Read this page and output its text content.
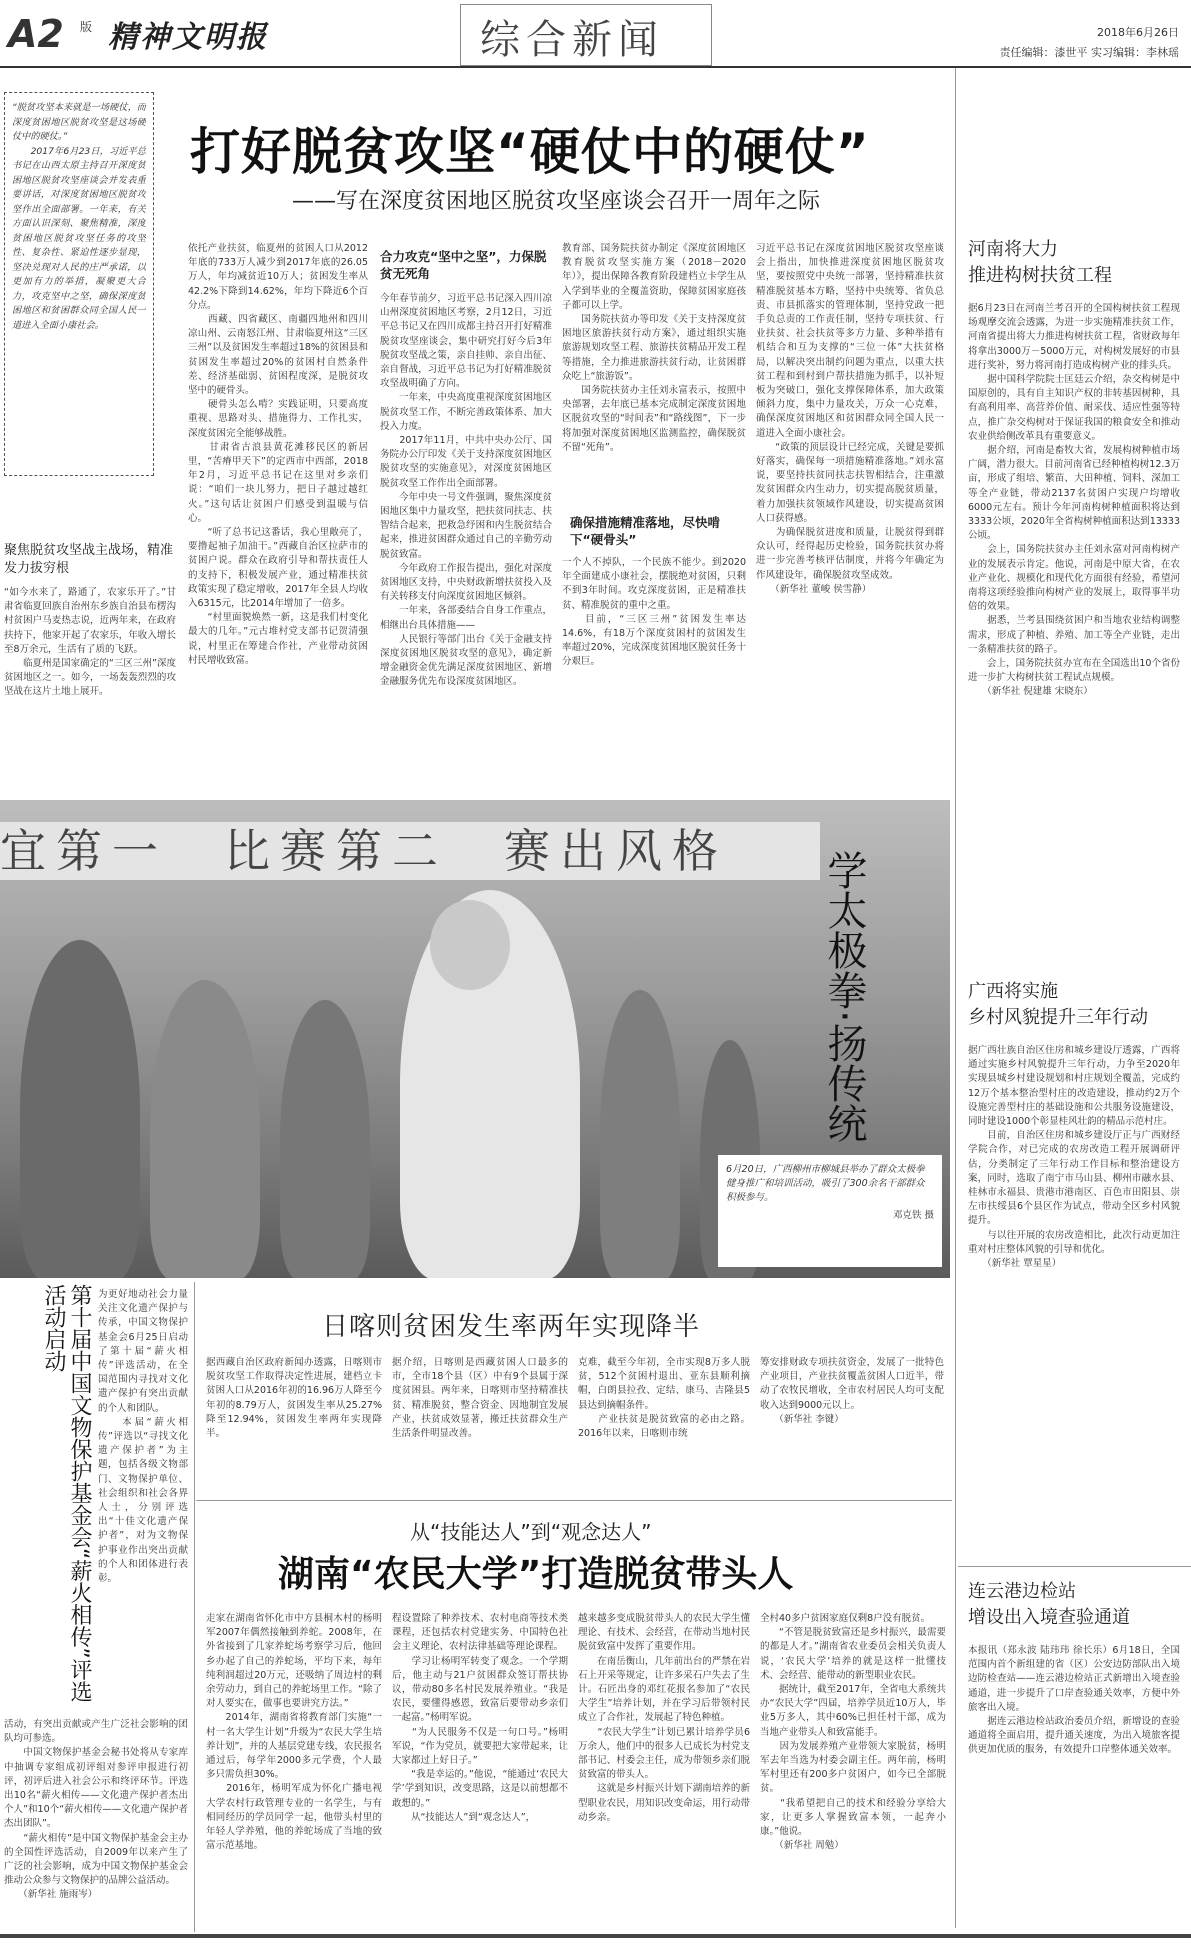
A2 版 精神文明报	综合新闻	2018年6月26日
责任编辑：漆世平 实习编辑：李林瑶
“脱贫攻坚本来就是一场硬仗，而深度贫困地区脱贫攻坚是这场硬仗中的硬仗。”
　　2017年6月23日，习近平总书记在山西太原主持召开深度贫困地区脱贫攻坚座谈会并发表重要讲话，对深度贫困地区脱贫攻坚作出全面部署。一年来，有关方面认识深刻、聚焦精准，深度贫困地区脱贫攻坚任务的攻坚性、复杂性、紧迫性逐步显现，坚决兑现对人民的庄严承诺，以更加有力的举措，凝聚更大合力，攻克坚中之坚，确保深度贫困地区和贫困群众同全国人民一道进入全面小康社会。
打好脱贫攻坚“硬仗中的硬仗”
——写在深度贫困地区脱贫攻坚座谈会召开一周年之际
依托产业扶贫，临夏州的贫困人口从2012年底的733万人减少到2017年底的26.05万人，年均减贫近10万人；贫困发生率从42.2%下降到14.62%，年均下降近6个百分点。
　　西藏、四省藏区、南疆四地州和四川凉山州、云南怒江州、甘肃临夏州这“三区三州”以及贫困发生率超过18%的贫困县和贫困发生率超过20%的贫困村自然条件差、经济基础弱、贫困程度深，是脱贫攻坚中的硬骨头。
　　硬骨头怎么啃？实践证明，只要高度重视、思路对头、措施得力、工作扎实，深度贫困完全能够战胜。
　　甘肃省古浪县黄花滩移民区的新居里，“苦瘠甲天下”的定西市中西部，2018年2月，习近平总书记在这里对乡亲们说：“咱们一块儿努力，把日子越过越红火。”这句话让贫困户们感受到温暖与信心。
　　“听了总书记这番话，我心里敞亮了，要撸起袖子加油干。”西藏自治区拉萨市的贫困户说。群众在政府引导和帮扶责任人的支持下，积极发展产业，通过精准扶贫政策实现了稳定增收，2017年全县人均收入6315元，比2014年增加了一倍多。
　　“村里面貌焕然一新，这是我们村变化最大的几年。”元古堆村党支部书记贺清强说，村里正在筹建合作社，产业带动贫困村民增收致富。
合力攻克“坚中之坚”，力保脱贫无死角
今年春节前夕，习近平总书记深入四川凉山州深度贫困地区考察，2月12日，习近平总书记又在四川成都主持召开打好精准脱贫攻坚座谈会，集中研究打好今后3年脱贫攻坚战之策，亲自挂帅、亲自出征、亲自督战，习近平总书记为打好精准脱贫攻坚战明确了方向。
　　一年来，中央高度重视深度贫困地区脱贫攻坚工作，不断完善政策体系、加大投入力度。
　　2017年11月，中共中央办公厅、国务院办公厅印发《关于支持深度贫困地区脱贫攻坚的实施意见》，对深度贫困地区脱贫攻坚工作作出全面部署。
　　今年中央一号文件强调，聚焦深度贫困地区集中力量攻坚，把扶贫同扶志、扶智结合起来，把救急纾困和内生脱贫结合起来，推进贫困群众通过自己的辛勤劳动脱贫致富。
　　今年政府工作报告提出，强化对深度贫困地区支持，中央财政新增扶贫投入及有关转移支付向深度贫困地区倾斜。
　　一年来，各部委结合自身工作重点，相继出台具体措施——
　　人民银行等部门出台《关于金融支持深度贫困地区脱贫攻坚的意见》，确定新增金融资金优先满足深度贫困地区、新增金融服务优先布设深度贫困地区。
教育部、国务院扶贫办制定《深度贫困地区教育脱贫攻坚实施方案（2018－2020年）》，提出保障各教育阶段建档立卡学生从入学到毕业的全覆盖资助，保障贫困家庭孩子都可以上学。
　　国务院扶贫办等印发《关于支持深度贫困地区旅游扶贫行动方案》，通过组织实施旅游规划攻坚工程、旅游扶贫精品开发工程等措施，全力推进旅游扶贫行动，让贫困群众吃上“旅游饭”。
　　国务院扶贫办主任刘永富表示，按照中央部署，去年底已基本完成制定深度贫困地区脱贫攻坚的“时间表”和“路线图”，下一步将加强对深度贫困地区监测监控，确保脱贫不留“死角”。
确保措施精准落地，尽快啃下“硬骨头”
一个人不掉队，一个民族不能少。到2020年全面建成小康社会，摆脱绝对贫困，只剩不到3年时间。攻克深度贫困，正是精准扶贫、精准脱贫的重中之重。
　　目前，“三区三州”贫困发生率达14.6%，有18万个深度贫困村的贫困发生率超过20%，完成深度贫困地区脱贫任务十分艰巨。
习近平总书记在深度贫困地区脱贫攻坚座谈会上指出，加快推进深度贫困地区脱贫攻坚，要按照党中央统一部署，坚持精准扶贫精准脱贫基本方略，坚持中央统筹、省负总责、市县抓落实的管理体制，坚持党政一把手负总责的工作责任制，坚持专项扶贫、行业扶贫、社会扶贫等多方力量、多种举措有机结合和互为支撑的“三位一体”大扶贫格局，以解决突出制约问题为重点，以重大扶贫工程和到村到户帮扶措施为抓手，以补短板为突破口，强化支撑保障体系，加大政策倾斜力度，集中力量攻关，万众一心克难，确保深度贫困地区和贫困群众同全国人民一道进入全面小康社会。
　　“政策的顶层设计已经完成，关键是要抓好落实，确保每一项措施精准落地。”刘永富说，要坚持扶贫同扶志扶智相结合，注重激发贫困群众内生动力，切实提高脱贫质量，着力加强扶贫领域作风建设，切实提高贫困人口获得感。
　　为确保脱贫进度和质量，让脱贫得到群众认可，经得起历史检验，国务院扶贫办将进一步完善考核评估制度，并将今年确定为作风建设年，确保脱贫攻坚成效。
　　（新华社 董峻 侯雪静）
聚焦脱贫攻坚战主战场，精准发力拔穷根
“如今水来了，路通了，农家乐开了。”甘肃省临夏回族自治州东乡族自治县布楞沟村贫困户马麦热志说，近两年来，在政府扶持下，他家开起了农家乐，年收入增长至8万余元，生活有了质的飞跃。
　　临夏州是国家确定的“三区三州”深度贫困地区之一。如今，一场轰轰烈烈的攻坚战在这片土地上展开。
河南将大力
推进构树扶贫工程
据6月23日在河南兰考召开的全国构树扶贫工程现场观摩交流会透露，为进一步实施精准扶贫工作，河南省提出将大力推进构树扶贫工程，省财政每年将拿出3000万－5000万元，对构树发展好的市县进行奖补，努力将河南打造成构树产业的排头兵。
　　据中国科学院院士匡廷云介绍，杂交构树是中国原创的，具有自主知识产权的非转基因树种，具有高利用率、高营养价值、耐采伐、适应性强等特点，推广杂交构树对于保证我国的粮食安全和推动农业供给侧改革具有重要意义。
　　据介绍，河南是畜牧大省，发展构树种植市场广阔，潜力很大。目前河南省已经种植构树12.3万亩，形成了组培、繁苗、大田种植、饲料、深加工等全产业链，带动2137名贫困户实现户均增收6000元左右。预计今年河南构树种植面积将达到3333公顷，2020年全省构树种植面积达到13333公顷。
　　会上，国务院扶贫办主任刘永富对河南构树产业的发展表示肯定。他说，河南是中原大省，在农业产业化、规模化和现代化方面很有经验，希望河南将这项经验推向构树产业的发展上，取得事半功倍的效果。
　　据悉，兰考县围绕贫困户和当地农业结构调整需求，形成了种植、养殖、加工等全产业链，走出一条精准扶贫的路子。
　　会上，国务院扶贫办宣布在全国选出10个省份进一步扩大构树扶贫工程试点规模。
　　（新华社 倪建雄 宋晓东）
宜第一　比赛第二　赛出风格	学太极拳·扬传统
6月20日，广西柳州市柳城县举办了群众太极拳健身推广和培训活动，吸引了300余名干部群众积极参与。
邓克铁 摄
广西将实施
乡村风貌提升三年行动
据广西壮族自治区住房和城乡建设厅透露，广西将通过实施乡村风貌提升三年行动，力争至2020年实现县城乡村建设规划和村庄规划全覆盖，完成约12万个基本整治型村庄的改造建设，推动约2万个设施完善型村庄的基础设施和公共服务设施建设，同时建设1000个彰显桂风壮韵的精品示范村庄。
　　目前，自治区住房和城乡建设厅正与广西财经学院合作，对已完成的农房改造工程开展调研评估，分类制定了三年行动工作目标和整治建设方案，同时，选取了南宁市马山县、柳州市融水县、桂林市永福县、贵港市港南区、百色市田阳县、崇左市扶绥县6个县区作为试点，带动全区乡村风貌提升。
　　与以往开展的农房改造相比，此次行动更加注重对村庄整体风貌的引导和优化。
　　（新华社 覃星星）
连云港边检站
增设出入境查验通道
本报讯（郑永波 陆玮玮 徐长乐）6月18日，全国范围内首个新组建的省（区）公安边防部队出入境边防检查站——连云港边检站正式新增出入境查验通道，进一步提升了口岸查验通关效率，方便中外旅客出入境。
　　据连云港边检站政治委员介绍，新增设的查验通道将全面启用，提升通关速度，为出入境旅客提供更加优质的服务，有效提升口岸整体通关效率。
第十届中国文物保护基金会“薪火相传”评选活动启动	为更好地动社会力量关注文化遗产保护与传承，中国文物保护基金会6月25日启动了第十届“薪火相传”评选活动，在全国范围内寻找对文化遗产保护有突出贡献的个人和团队。
　　本届“薪火相传”评选以“寻找文化遗产保护者”为主题，包括各级文物部门、文物保护单位、社会组织和社会各界人士，分别评选出“十佳文化遗产保护者”，对为文物保护事业作出突出贡献的个人和团体进行表彰。
活动，有突出贡献或产生广泛社会影响的团队均可参选。
　　中国文物保护基金会秘书处将从专家库中抽调专家组成初评组对参评申报进行初评，初评后进入社会公示和终评环节。评选出10名“薪火相传——文化遗产保护者杰出个人”和10个“薪火相传——文化遗产保护者杰出团队”。
　　“薪火相传”是中国文物保护基金会主办的全国性评选活动，自2009年以来产生了广泛的社会影响，成为中国文物保护基金会推动公众参与文物保护的品牌公益活动。
　　（新华社 施雨岑）
日喀则贫困发生率两年实现降半
据西藏自治区政府新闻办透露，日喀则市脱贫攻坚工作取得决定性进展，建档立卡贫困人口从2016年初的16.96万人降至今年初的8.79万人，贫困发生率从25.27%降至12.94%，贫困发生率两年实现降半。
据介绍，日喀则是西藏贫困人口最多的市，全市18个县（区）中有9个县属于深度贫困县。两年来，日喀则市坚持精准扶贫、精准脱贫，整合资金、因地制宜发展产业，扶贫成效显著，搬迁扶贫群众生产生活条件明显改善。
克难，截至今年初，全市实现8万多人脱贫，512个贫困村退出、亚东县顺利摘帽，白朗县拉孜、定结、康马、吉隆县5县达到摘帽条件。
　　产业扶贫是脱贫致富的必由之路。2016年以来，日喀则市统
筹安排财政专项扶贫资金，发展了一批特色产业项目，产业扶贫覆盖贫困人口近半，带动了农牧民增收，全市农村居民人均可支配收入达到9000元以上。
　　（新华社 李键）
从“技能达人”到“观念达人”
湖南“农民大学”打造脱贫带头人
走家在湖南省怀化市中方县桐木村的杨明军2007年偶然接触到养蛇。2008年，在外省接到了几家养蛇场考察学习后，他回乡办起了自己的养蛇场，平均下来，每年纯利润超过20万元，还吸纳了周边村的剩余劳动力，到自己的养蛇场里工作。“除了对人要实在，做事也要讲究方法。”
　　2014年，湖南省将教育部门实施“一村一名大学生计划”升级为“农民大学生培养计划”，并的人基层党建专线，农民报名通过后，每学年2000多元学费，个人最多只需负担30%。
　　2016年，杨明军成为怀化广播电视大学农村行政管理专业的一名学生，与有相同经历的学员同学一起，他带头村里的年轻人学养殖，他的养蛇场成了当地的致富示范基地。
程设置除了种养技术、农村电商等技术类课程，还包括农村党建实务、中国特色社会主义理论、农村法律基础等理论课程。
　　学习让杨明军转变了观念。一个学期后，他主动与21户贫困群众签订帮扶协议，带动80多名村民发展养殖业。“我是农民，要懂得感恩，致富后要带动乡亲们一起富。”杨明军说。
　　“为人民服务不仅是一句口号。”杨明军说，“作为党员，就要把大家带起来，让大家都过上好日子。”
　　“我是幸运的。”他说，“能通过‘农民大学’学到知识，改变思路，这是以前想都不敢想的。”
　　从“技能达人”到“观念达人”，
越来越多变成脱贫带头人的农民大学生懂理论、有技术、会经营，在带动当地村民脱贫致富中发挥了重要作用。
　　在南岳衡山，几年前出台的严禁在岩石上开采等规定，让许多采石户失去了生计。石匠出身的邓红花报名参加了“农民大学生”培养计划，并在学习后带领村民成立了合作社，发展起了特色种植。
　　“农民大学生”计划已累计培养学员6万余人，他们中的很多人已成长为村党支部书记、村委会主任，成为带领乡亲们脱贫致富的带头人。
　　这就是乡村振兴计划下湖南培养的新型职业农民，用知识改变命运，用行动带动乡亲。
全村40多户贫困家庭仅剩8户没有脱贫。
　　“不管是脱贫致富还是乡村振兴，最需要的都是人才。”湖南省农业委员会相关负责人说，‘农民大学’培养的就是这样一批懂技术、会经营、能带动的新型职业农民。
　　据统计，截至2017年，全省电大系统共办“农民大学”四届，培养学员近10万人，毕业5万多人，其中60%已担任村干部，成为当地产业带头人和致富能手。
　　因为发展养殖产业带领大家脱贫，杨明军去年当选为村委会副主任。两年前，杨明军村里还有200多户贫困户，如今已全部脱贫。
　　“我希望把自己的技术和经验分享给大家，让更多人掌握致富本领，一起奔小康。”他说。
　　（新华社 周勉）
